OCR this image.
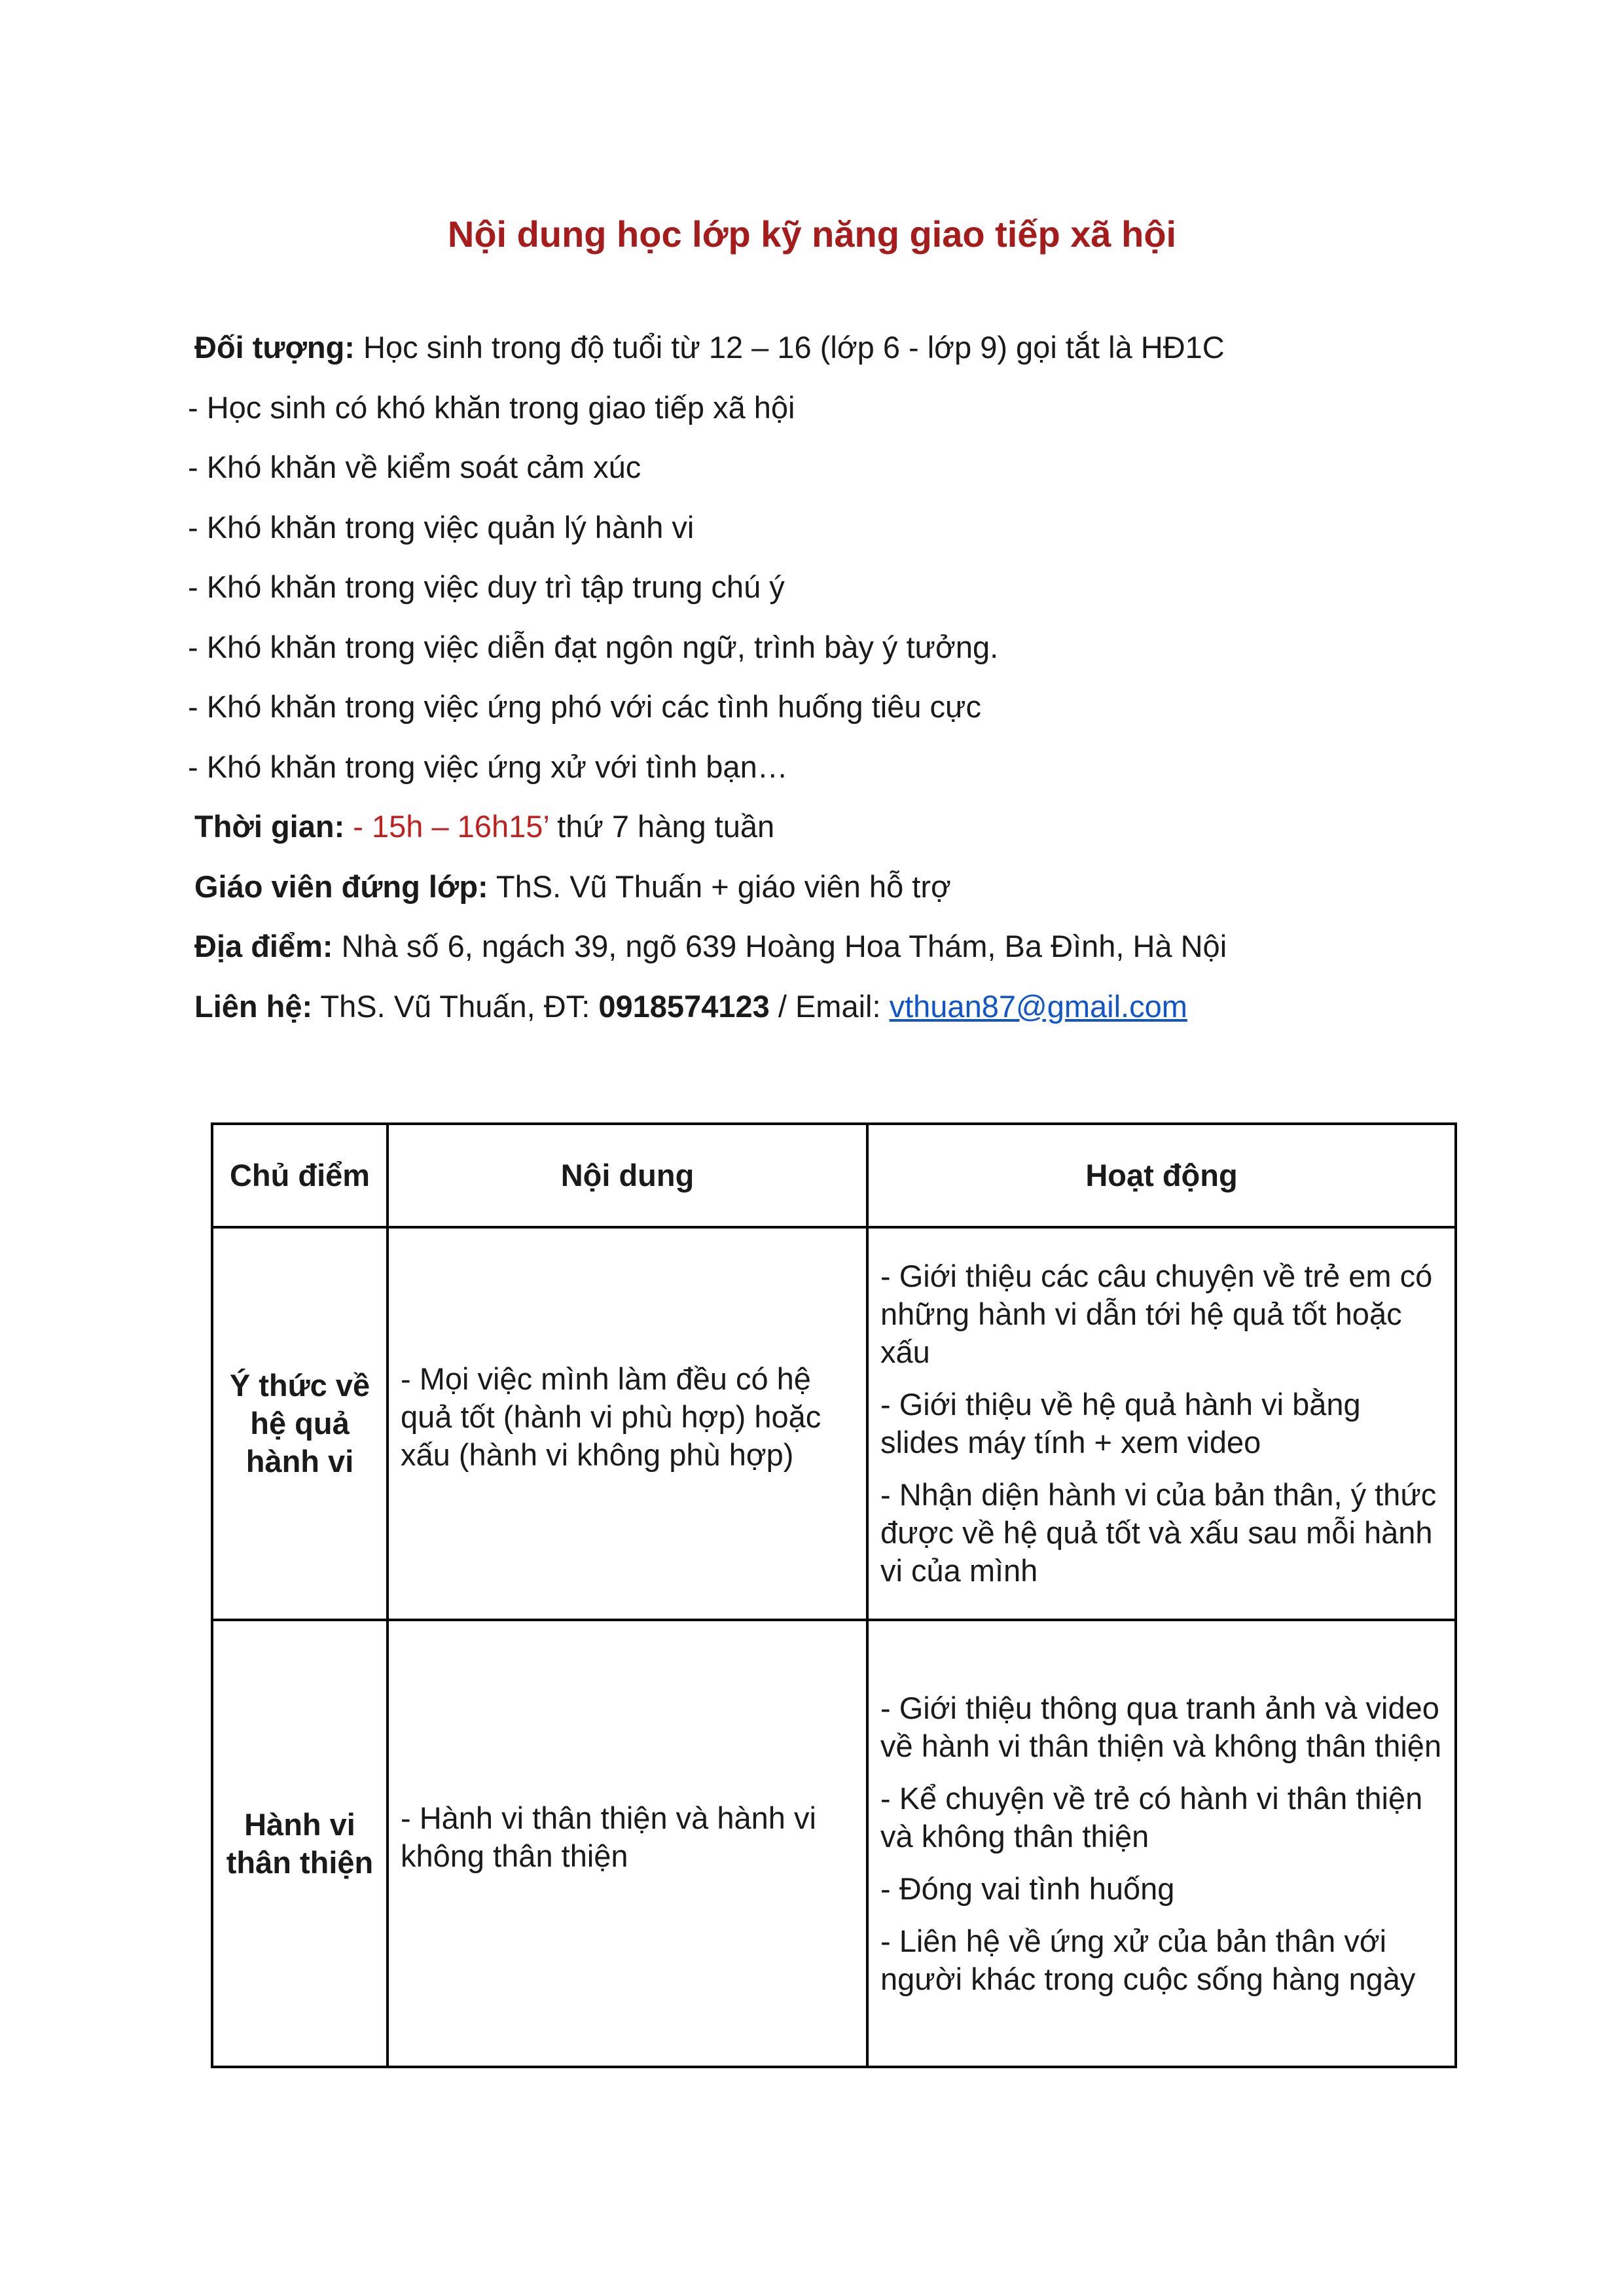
Nội dung học lớp kỹ năng giao tiếp xã hội
Đối tượng: Học sinh trong độ tuổi từ 12 – 16 (lớp 6 - lớp 9) gọi tắt là HĐ1C
- Học sinh có khó khăn trong giao tiếp xã hội
- Khó khăn về kiểm soát cảm xúc
- Khó khăn trong việc quản lý hành vi
- Khó khăn trong việc duy trì tập trung chú ý
- Khó khăn trong việc diễn đạt ngôn ngữ, trình bày ý tưởng.
- Khó khăn trong việc ứng phó với các tình huống tiêu cực
- Khó khăn trong việc ứng xử với tình bạn…
Thời gian: - 15h – 16h15’ thứ 7 hàng tuần
Giáo viên đứng lớp: ThS. Vũ Thuấn + giáo viên hỗ trợ
Địa điểm: Nhà số 6, ngách 39, ngõ 639 Hoàng Hoa Thám, Ba Đình, Hà Nội
Liên hệ: ThS. Vũ Thuấn, ĐT: 0918574123 / Email: vthuan87@gmail.com
Chủ điểm	Nội dung	Hoạt động
Ý thức về hệ quả hành vi	- Mọi việc mình làm đều có hệ quả tốt (hành vi phù hợp) hoặc xấu (hành vi không phù hợp)	- Giới thiệu các câu chuyện về trẻ em có những hành vi dẫn tới hệ quả tốt hoặc xấu

- Giới thiệu về hệ quả hành vi bằng slides máy tính + xem video

- Nhận diện hành vi của bản thân, ý thức được về hệ quả tốt và xấu sau mỗi hành vi của mình

Hành vi thân thiện	- Hành vi thân thiện và hành vi không thân thiện	- Giới thiệu thông qua tranh ảnh và video về hành vi thân thiện và không thân thiện

- Kể chuyện về trẻ có hành vi thân thiện và không thân thiện

- Đóng vai tình huống

- Liên hệ về ứng xử của bản thân với người khác trong cuộc sống hàng ngày
